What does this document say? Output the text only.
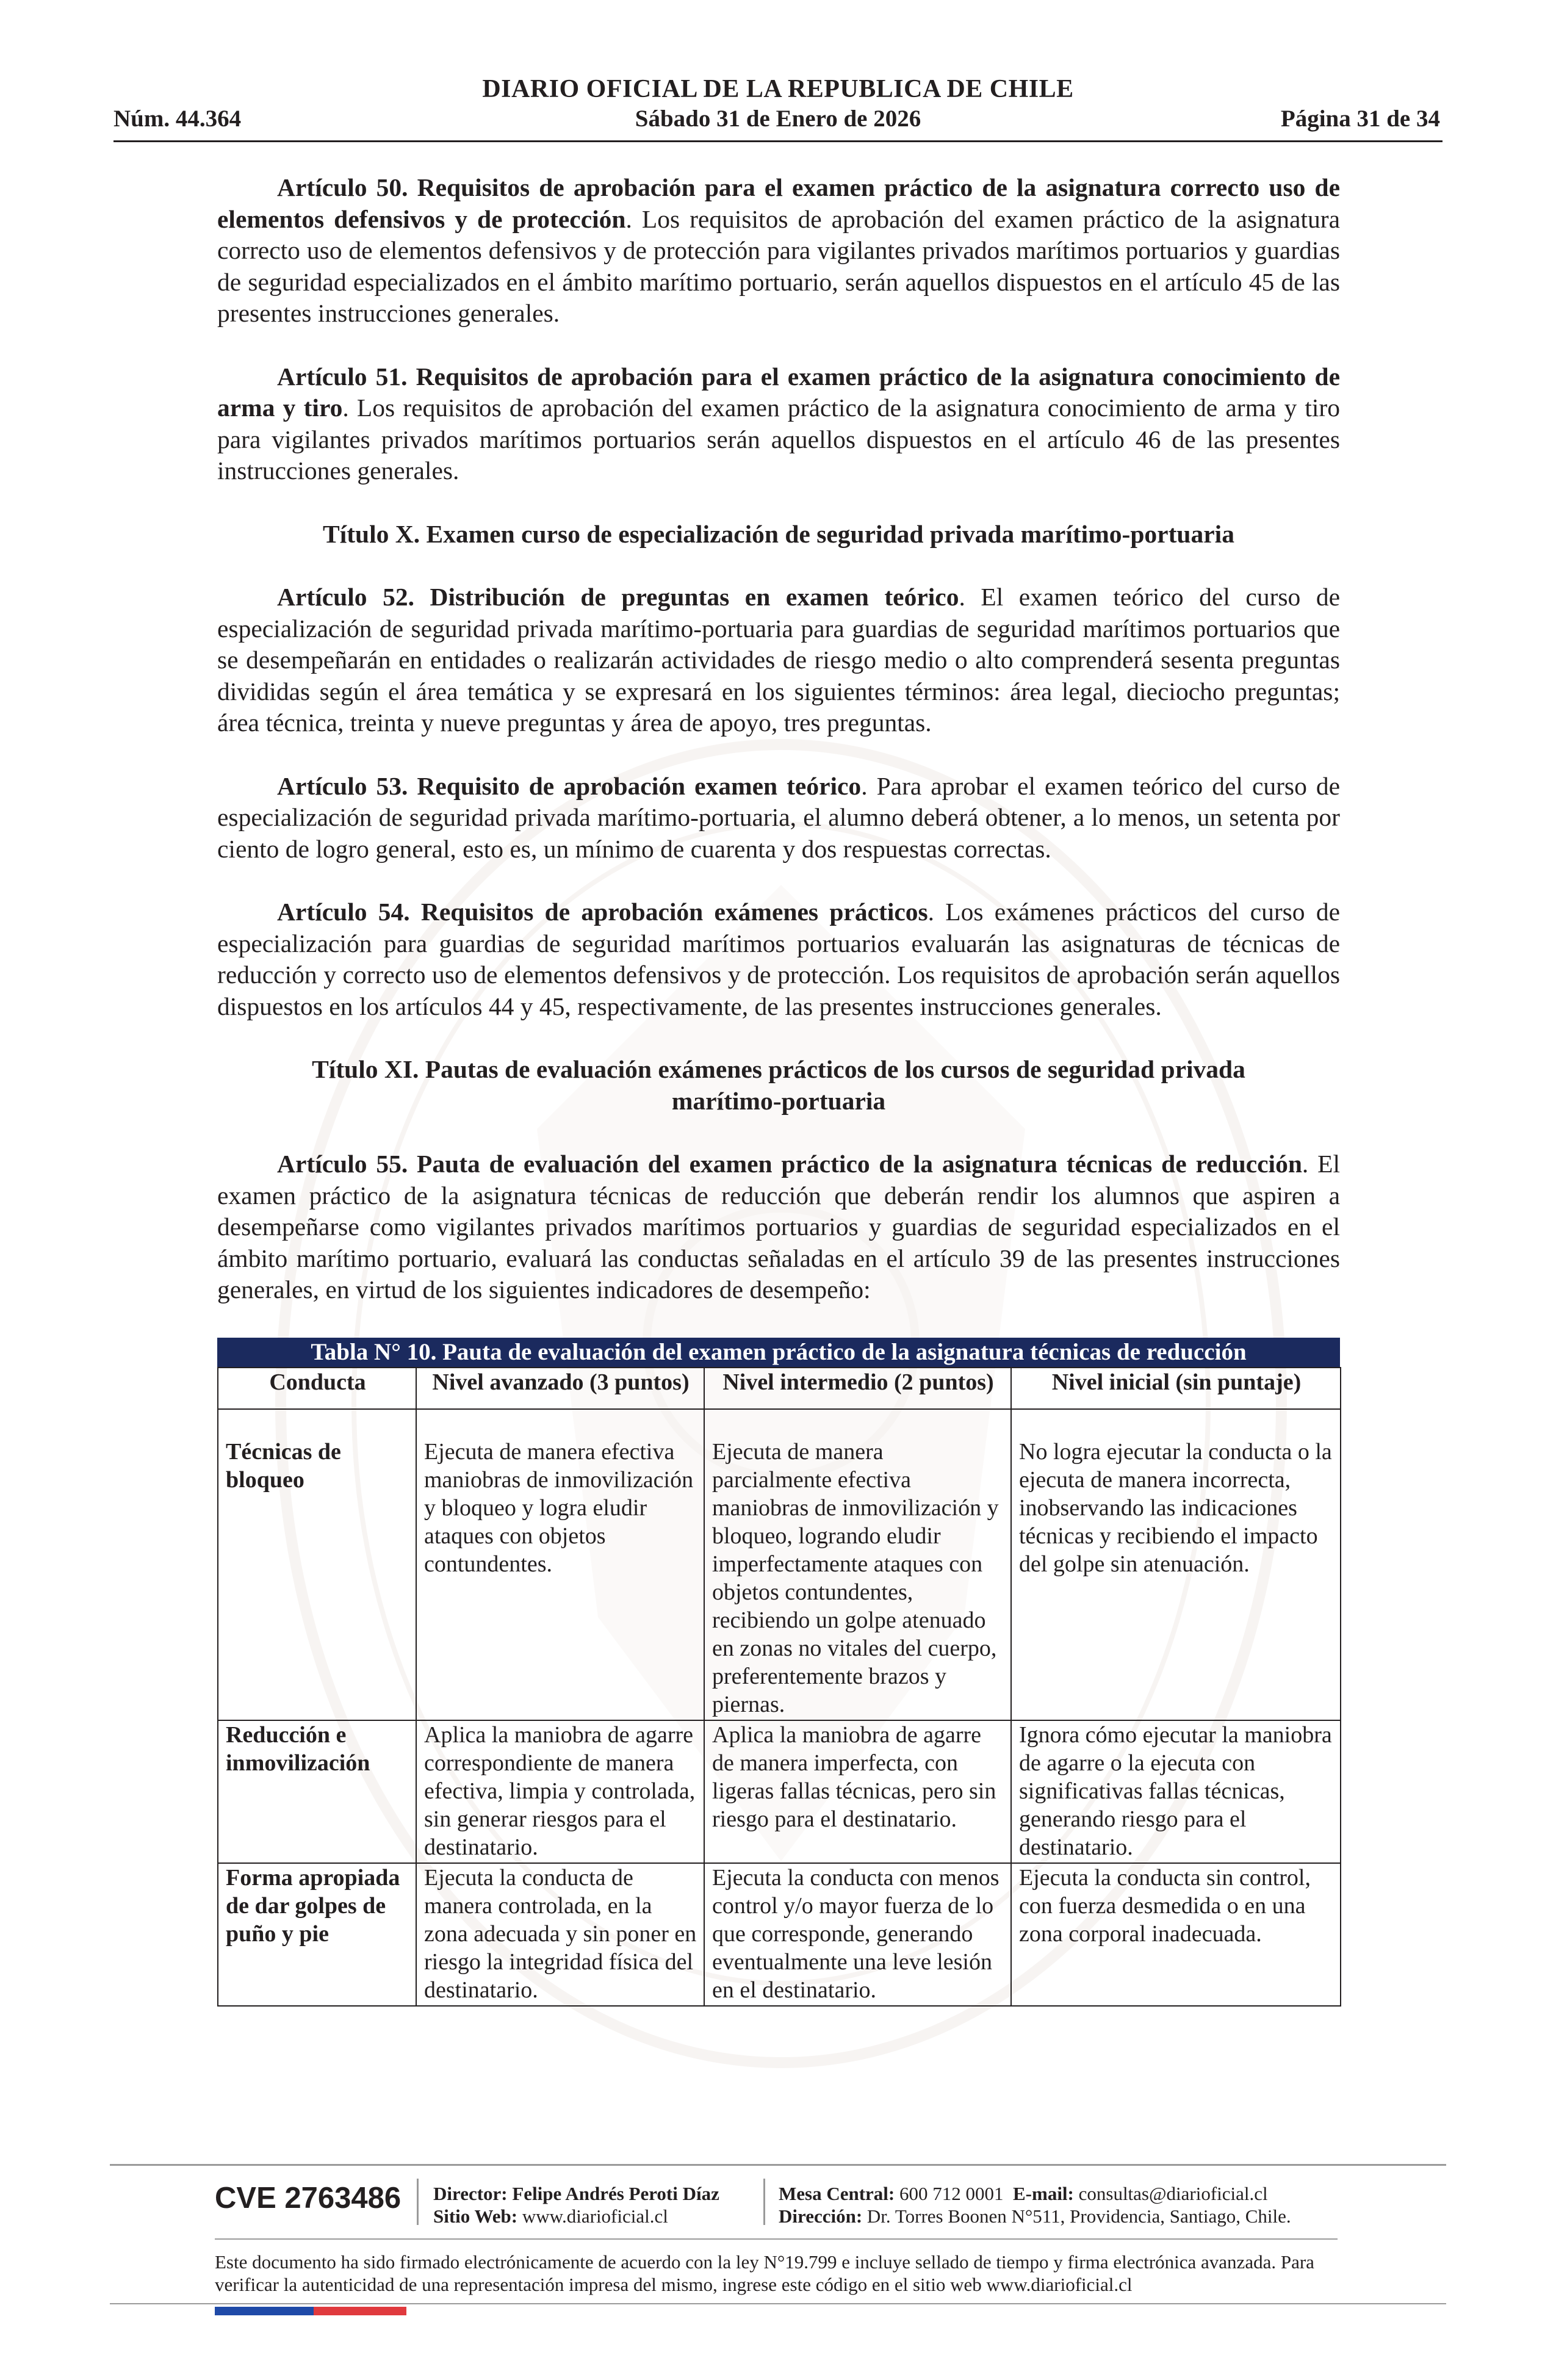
DIARIO OFICIAL DE LA REPUBLICA DE CHILE
Núm. 44.364	Sábado 31 de Enero de 2026	Página 31 de 34

Artículo 50. Requisitos de aprobación para el examen práctico de la asignatura correcto uso de elementos defensivos y de protección. Los requisitos de aprobación del examen práctico de la asignatura correcto uso de elementos defensivos y de protección para vigilantes privados marítimos portuarios y guardias de seguridad especializados en el ámbito marítimo portuario, serán aquellos dispuestos en el artículo 45 de las presentes instrucciones generales.

Artículo 51. Requisitos de aprobación para el examen práctico de la asignatura conocimiento de arma y tiro. Los requisitos de aprobación del examen práctico de la asignatura conocimiento de arma y tiro para vigilantes privados marítimos portuarios serán aquellos dispuestos en el artículo 46 de las presentes instrucciones generales.

Título X. Examen curso de especialización de seguridad privada marítimo-portuaria

Artículo 52. Distribución de preguntas en examen teórico. El examen teórico del curso de especialización de seguridad privada marítimo-portuaria para guardias de seguridad marítimos portuarios que se desempeñarán en entidades o realizarán actividades de riesgo medio o alto comprenderá sesenta preguntas divididas según el área temática y se expresará en los siguientes términos: área legal, dieciocho preguntas; área técnica, treinta y nueve preguntas y área de apoyo, tres preguntas.

Artículo 53. Requisito de aprobación examen teórico. Para aprobar el examen teórico del curso de especialización de seguridad privada marítimo-portuaria, el alumno deberá obtener, a lo menos, un setenta por ciento de logro general, esto es, un mínimo de cuarenta y dos respuestas correctas.

Artículo 54. Requisitos de aprobación exámenes prácticos. Los exámenes prácticos del curso de especialización para guardias de seguridad marítimos portuarios evaluarán las asignaturas de técnicas de reducción y correcto uso de elementos defensivos y de protección. Los requisitos de aprobación serán aquellos dispuestos en los artículos 44 y 45, respectivamente, de las presentes instrucciones generales.

Título XI. Pautas de evaluación exámenes prácticos de los cursos de seguridad privada marítimo-portuaria

Artículo 55. Pauta de evaluación del examen práctico de la asignatura técnicas de reducción. El examen práctico de la asignatura técnicas de reducción que deberán rendir los alumnos que aspiren a desempeñarse como vigilantes privados marítimos portuarios y guardias de seguridad especializados en el ámbito marítimo portuario, evaluará las conductas señaladas en el artículo 39 de las presentes instrucciones generales, en virtud de los siguientes indicadores de desempeño:

Tabla N° 10. Pauta de evaluación del examen práctico de la asignatura técnicas de reducción
Conducta	Nivel avanzado (3 puntos)	Nivel intermedio (2 puntos)	Nivel inicial (sin puntaje)
Técnicas de bloqueo	Ejecuta de manera efectiva maniobras de inmovilización y bloqueo y logra eludir ataques con objetos contundentes.	Ejecuta de manera parcialmente efectiva maniobras de inmovilización y bloqueo, logrando eludir imperfectamente ataques con objetos contundentes, recibiendo un golpe atenuado en zonas no vitales del cuerpo, preferentemente brazos y piernas.	No logra ejecutar la conducta o la ejecuta de manera incorrecta, inobservando las indicaciones técnicas y recibiendo el impacto del golpe sin atenuación.
Reducción e inmovilización	Aplica la maniobra de agarre correspondiente de manera efectiva, limpia y controlada, sin generar riesgos para el destinatario.	Aplica la maniobra de agarre de manera imperfecta, con ligeras fallas técnicas, pero sin riesgo para el destinatario.	Ignora cómo ejecutar la maniobra de agarre o la ejecuta con significativas fallas técnicas, generando riesgo para el destinatario.
Forma apropiada de dar golpes de puño y pie	Ejecuta la conducta de manera controlada, en la zona adecuada y sin poner en riesgo la integridad física del destinatario.	Ejecuta la conducta con menos control y/o mayor fuerza de lo que corresponde, generando eventualmente una leve lesión en el destinatario.	Ejecuta la conducta sin control, con fuerza desmedida o en una zona corporal inadecuada.
CVE 2763486 Director: Felipe Andrés Peroti Díaz
Sitio Web: www.diarioficial.cl
Mesa Central: 600 712 0001 E-mail: consultas@diarioficial.cl
Dirección: Dr. Torres Boonen N°511, Providencia, Santiago, Chile.
Este documento ha sido firmado electrónicamente de acuerdo con la ley N°19.799 e incluye sellado de tiempo y firma electrónica avanzada. Para verificar la autenticidad de una representación impresa del mismo, ingrese este código en el sitio web www.diarioficial.cl
